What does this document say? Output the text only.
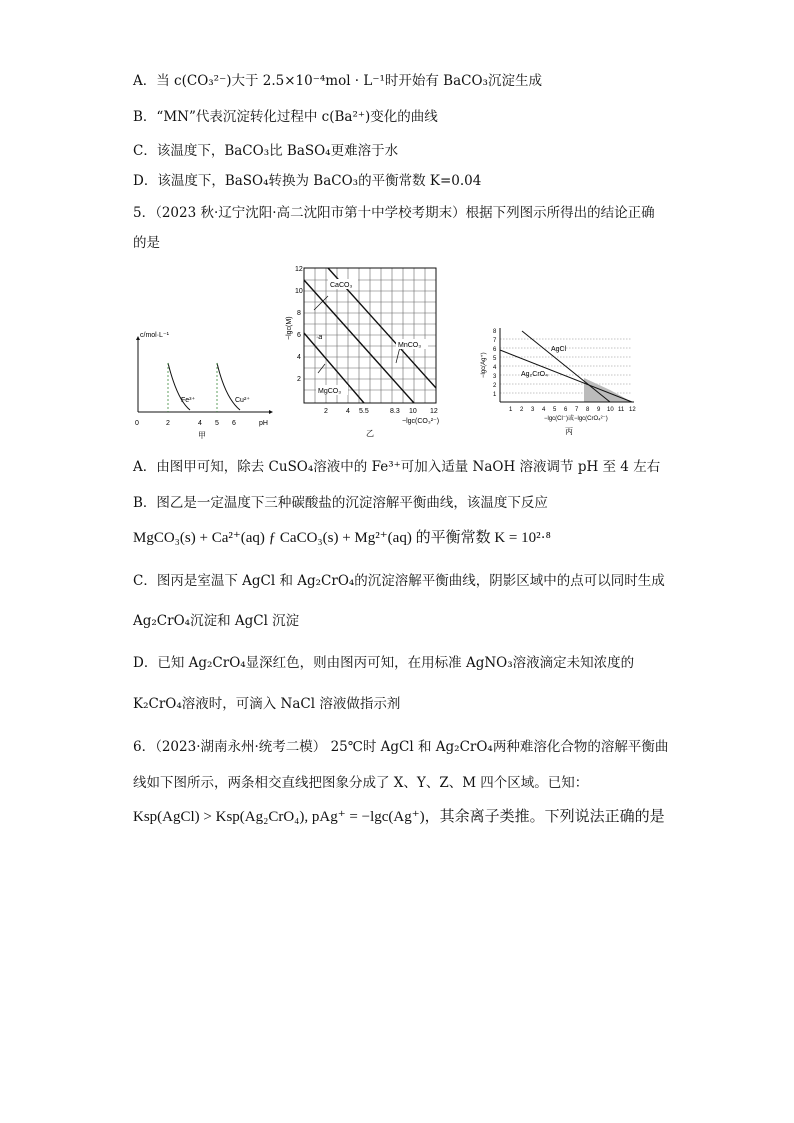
A．当 c(CO₃²⁻)大于 2.5×10⁻⁴mol · L⁻¹时开始有 BaCO₃沉淀生成
B．“MN”代表沉淀转化过程中 c(Ba²⁺)变化的曲线
C．该温度下，BaCO₃比 BaSO₄更难溶于水
D．该温度下，BaSO₄转换为 BaCO₃的平衡常数 K=0.04
5．（2023 秋·辽宁沈阳·高二沈阳市第十中学校考期末）根据下列图示所得出的结论正确
的是
c/mol·L⁻¹
pH
0	2	4 5 6
Fe³⁺	Cu²⁺
甲
−lgc(M)
12
10
8
6
4
2
2	4 5.5	8.3 10 12
−lgc(CO₃²⁻)
CaCO₃
MnCO₃
MgCO₃
·a
乙
−lgc(Ag⁺)
8
7
6
5
4
3
2
1
1 2 3 4 5 6 7 8 9 10 11 12
−lgc(Cl⁻)或−lgc(CrO₄²⁻)
AgCl
Ag₂CrO₄
丙
A．由图甲可知，除去 CuSO₄溶液中的 Fe³⁺可加入适量 NaOH 溶液调节 pH 至 4 左右
B．图乙是一定温度下三种碳酸盐的沉淀溶解平衡曲线，该温度下反应
MgCO₃(s) + Ca²⁺(aq) ƒ CaCO₃(s) + Mg²⁺(aq) 的平衡常数 K = 10²·⁸
C．图丙是室温下 AgCl 和 Ag₂CrO₄的沉淀溶解平衡曲线，阴影区域中的点可以同时生成
Ag₂CrO₄沉淀和 AgCl 沉淀
D．已知 Ag₂CrO₄显深红色，则由图丙可知，在用标准 AgNO₃溶液滴定未知浓度的
K₂CrO₄溶液时，可滴入 NaCl 溶液做指示剂
6．（2023·湖南永州·统考二模） 25℃时 AgCl 和 Ag₂CrO₄两种难溶化合物的溶解平衡曲
线如下图所示，两条相交直线把图象分成了 X、Y、Z、M 四个区域。已知：
Ksp(AgCl) > Ksp(Ag₂CrO₄), pAg⁺ = −lgc(Ag⁺)，其余离子类推。下列说法正确的是
